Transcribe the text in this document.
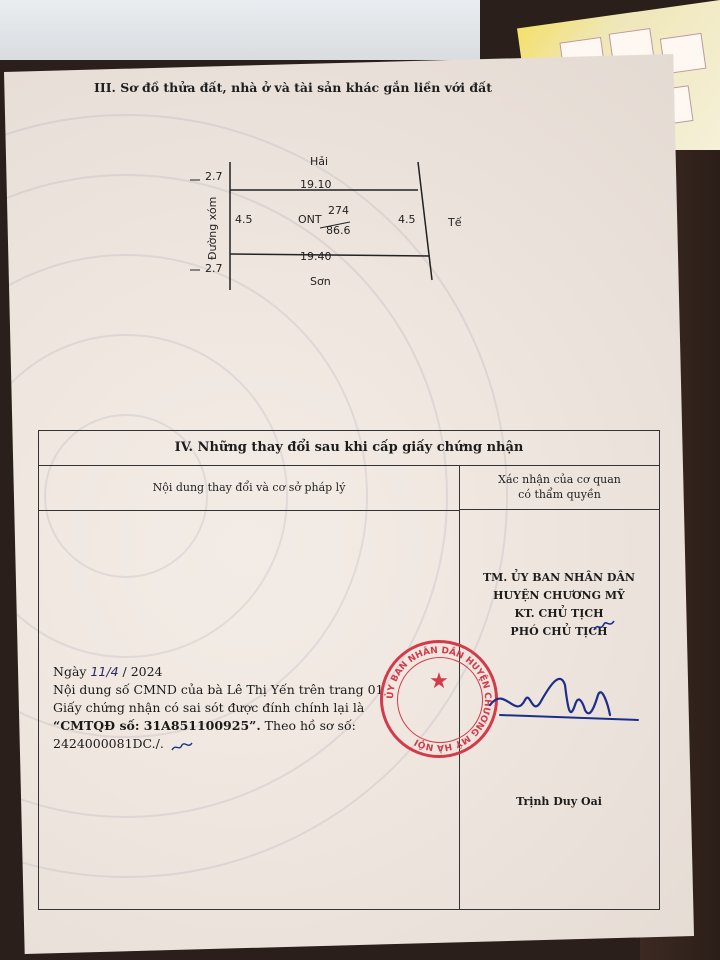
III. Sơ đồ thửa đất, nhà ở và tài sản khác gắn liền với đất
Hải
19.10
2.7
Đường xóm 4.5	ONT
274
86.6
4.5	Tế
2.7
19.40
Sơn
IV. Những thay đổi sau khi cấp giấy chứng nhận
Nội dung thay đổi và cơ sở pháp lý
Xác nhận của cơ quan
có thẩm quyền
TM. ỦY BAN NHÂN DÂN
HUYỆN CHƯƠNG MỸ
KT. CHỦ TỊCH
PHÓ CHỦ TỊCH
Ngày 11/4 / 2024
Nội dung số CMND của bà Lê Thị Yến trên trang 01
Giấy chứng nhận có sai sót được đính chính lại là
“CMTQĐ số: 31A851100925”. Theo hồ sơ số:
2424000081DC./.
Trịnh Duy Oai
★
ỦY BAN NHÂN DÂN HUYỆN CHƯƠNG MỸ HÀ NỘI
